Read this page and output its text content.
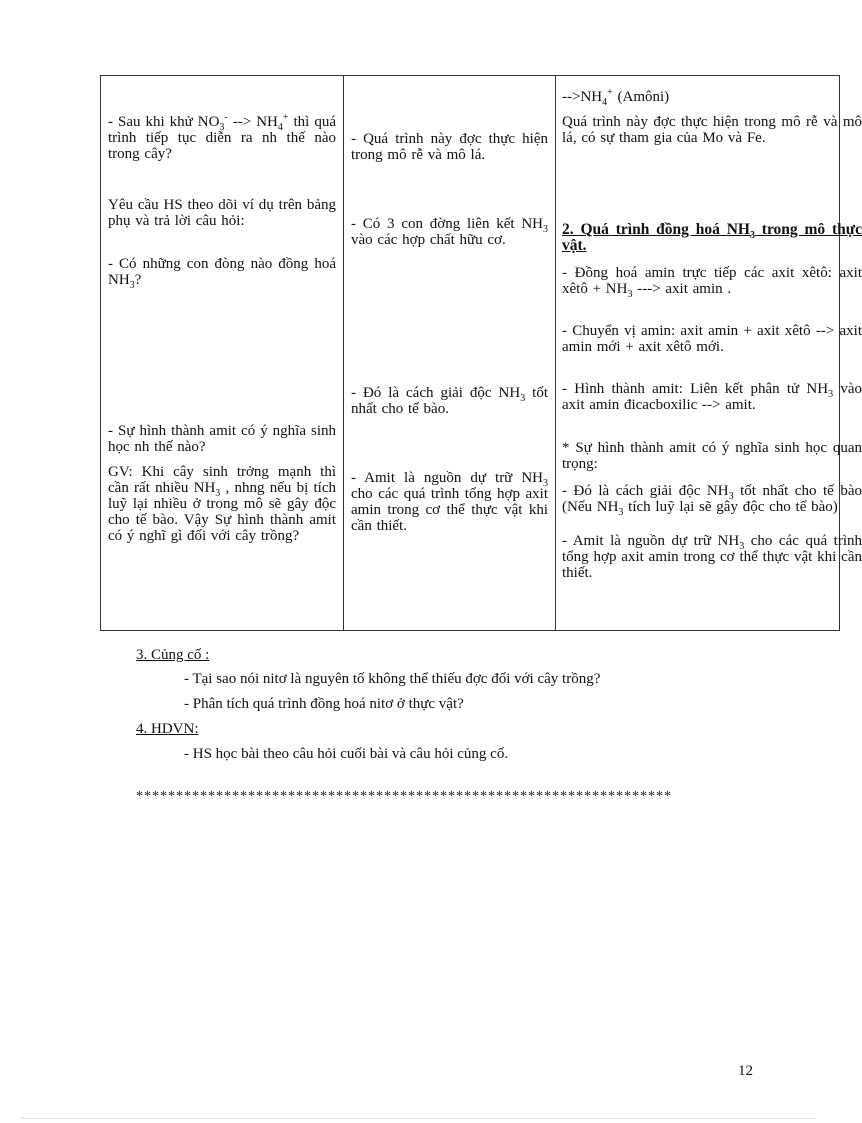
- Sau khi khử $NO_3^-$ --> $NH_4^+$ thì quá trình tiếp tục diễn ra nh thế nào trong cây?

Yêu cầu HS theo dõi ví dụ trên bảng phụ và trả lời câu hỏi:

- Có những con đòng nào đồng hoá $NH_3$?

- Sự hình thành amit có ý nghĩa sinh học nh thế nào?

GV: Khi cây sinh trởng mạnh thì cần rất nhiều $NH_3$ , nhng nếu bị tích luỹ lại nhiều ở trong mô sẽ gây độc cho tế bào. Vậy Sự hình thành amit có ý nghĩ gì đối với cây trồng?

- Quá trình này đợc thực hiện trong mô rễ và mô lá.

- Có 3 con đờng liên kết $NH_3$ vào các hợp chất hữu cơ.

- Đó là cách giải độc $NH_3$ tốt nhất cho tế bào.

- Amit là nguồn dự trữ $NH_3$ cho các quá trình tổng hợp axit amin trong cơ thể thực vật khi cần thiết.

$-->NH_4^+$ (Amôni)

Quá trình này đợc thực hiện trong mô rễ và mô lá, có sự tham gia của Mo và Fe.

2. Quá trình đồng hoá $NH_3$ trong mô thực vật.

- Đồng hoá amin trực tiếp các axit xêtô: axit xêtô + $NH_3$ ---> axit amin .

- Chuyển vị amin: axit amin + axit xêtô --> axit amin mới + axit xêtô mới.

- Hình thành amit: Liên kết phân tử $NH_3$ vào axit amin đicacboxilic --> amit.

* Sự hình thành amit có ý nghĩa sinh học quan trọng:

- Đó là cách giải độc $NH_3$ tốt nhất cho tế bào (Nếu $NH_3$ tích luỹ lại sẽ gây độc cho tế bào)

- Amit là nguồn dự trữ $NH_3$ cho các quá trình tổng hợp axit amin trong cơ thể thực vật khi cần thiết.

3. Củng cố :

- Tại sao nói nitơ là nguyên tố không thể thiếu đợc đối với cây trồng?

- Phân tích quá trình đồng hoá nitơ ở thực vật?

4. HDVN:

- HS học bài theo câu hỏi cuối bài và câu hỏi củng cố.

*******************************************************************
12
